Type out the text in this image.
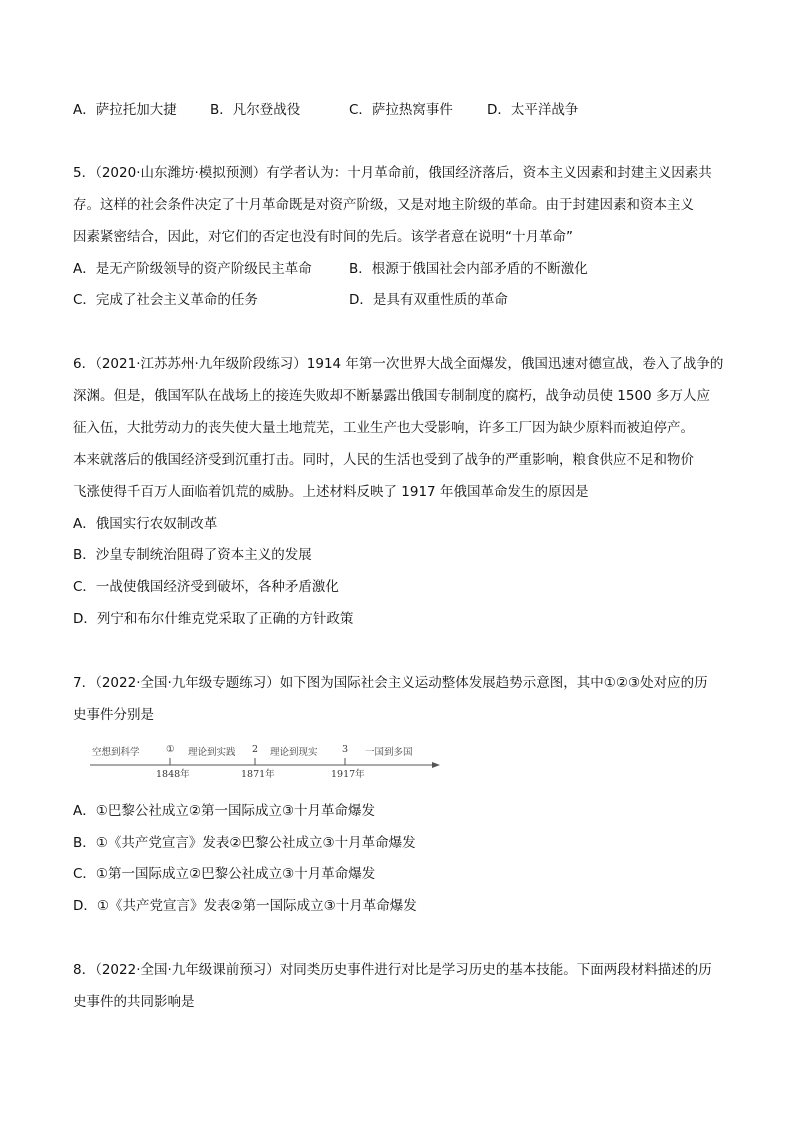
A．萨拉托加大捷 B．凡尔登战役	C．萨拉热窝事件	D．太平洋战争
5．（2020·山东潍坊·模拟预测）有学者认为：十月革命前，俄国经济落后，资本主义因素和封建主义因素共
存。这样的社会条件决定了十月革命既是对资产阶级，又是对地主阶级的革命。由于封建因素和资本主义
因素紧密结合，因此，对它们的否定也没有时间的先后。该学者意在说明“十月革命”
A．是无产阶级领导的资产阶级民主革命	B．根源于俄国社会内部矛盾的不断激化
C．完成了社会主义革命的任务	D．是具有双重性质的革命
6．（2021·江苏苏州·九年级阶段练习）1914 年第一次世界大战全面爆发，俄国迅速对德宣战，卷入了战争的
深渊。但是，俄国军队在战场上的接连失败却不断暴露出俄国专制制度的腐朽，战争动员使 1500 多万人应
征入伍，大批劳动力的丧失使大量土地荒芜，工业生产也大受影响，许多工厂因为缺少原料而被迫停产。
本来就落后的俄国经济受到沉重打击。同时，人民的生活也受到了战争的严重影响，粮食供应不足和物价
飞涨使得千百万人面临着饥荒的威胁。上述材料反映了 1917 年俄国革命发生的原因是
A．俄国实行农奴制改革
B．沙皇专制统治阻碍了资本主义的发展
C．一战使俄国经济受到破坏，各种矛盾激化
D．列宁和布尔什维克党采取了正确的方针政策
7．（2022·全国·九年级专题练习）如下图为国际社会主义运动整体发展趋势示意图，其中①②③处对应的历
史事件分别是
空想到科学	理论到实践	理论到现实	一国到多国
①	2	3
1848年	1871年	1917年
A．①巴黎公社成立②第一国际成立③十月革命爆发
B．①《共产党宣言》发表②巴黎公社成立③十月革命爆发
C．①第一国际成立②巴黎公社成立③十月革命爆发
D．①《共产党宣言》发表②第一国际成立③十月革命爆发
8．（2022·全国·九年级课前预习）对同类历史事件进行对比是学习历史的基本技能。下面两段材料描述的历
史事件的共同影响是
